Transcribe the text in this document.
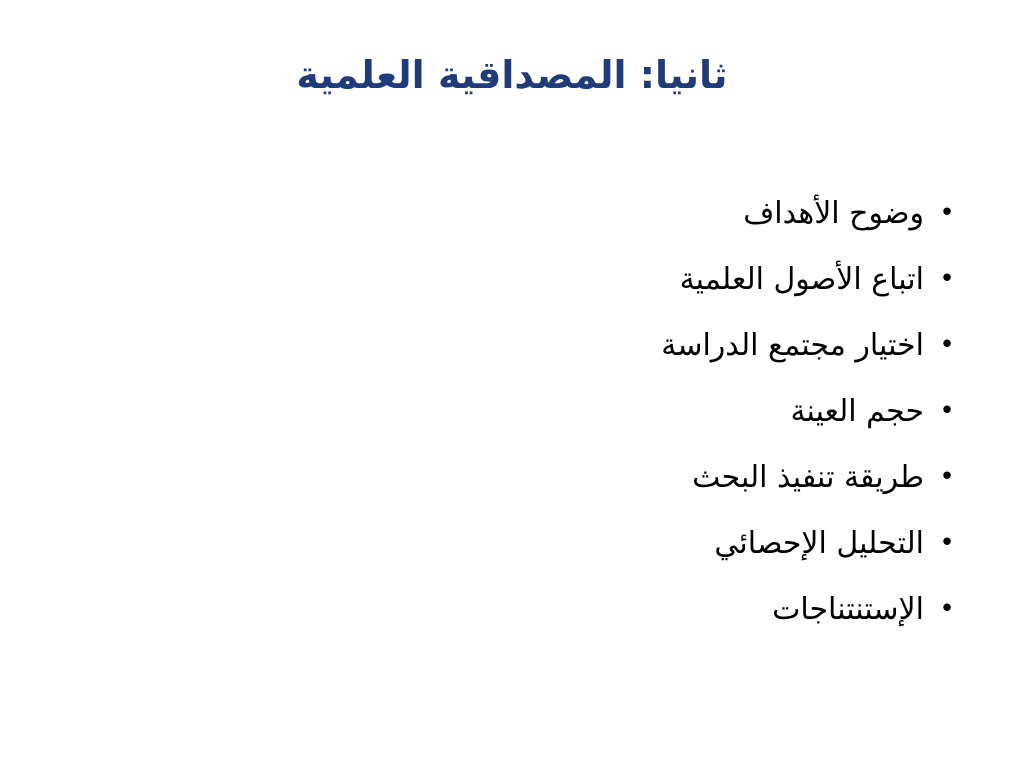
ثانيا: المصداقية العلمية
•
وضوح الأهداف
•
اتباع الأصول العلمية
•
اختيار مجتمع الدراسة
•
حجم العينة
•
طريقة تنفيذ البحث
•
التحليل الإحصائي
•
الإستنتناجات
